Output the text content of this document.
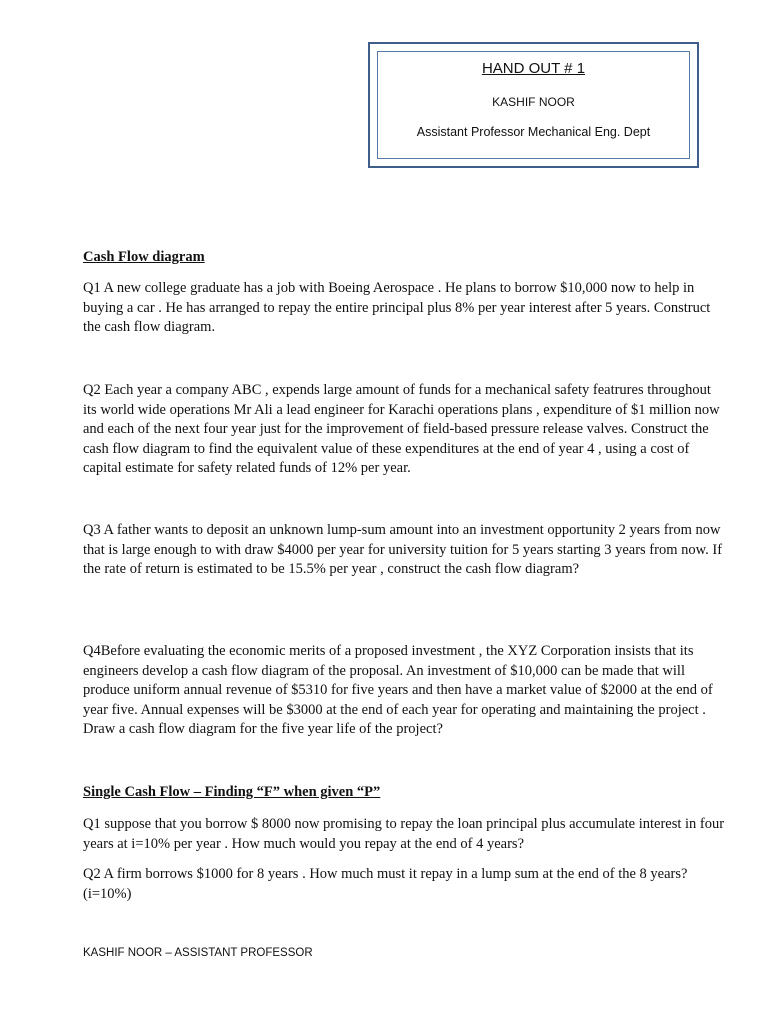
HAND OUT # 1
KASHIF NOOR
Assistant Professor Mechanical Eng. Dept
Cash Flow diagram

Q1 A new college graduate has a job with Boeing Aerospace . He plans to borrow $10,000 now to help in buying a car . He has arranged to repay the entire principal plus 8% per year interest after 5 years. Construct the cash flow diagram.

Q2 Each year a company ABC , expends large amount of funds for a mechanical safety featrures throughout its world wide operations Mr Ali a lead engineer for Karachi operations plans , expenditure of $1 million now and each of the next four year just for the improvement of field-based pressure release valves. Construct the cash flow diagram to find the equivalent value of these expenditures at the end of year 4 , using a cost of capital estimate for safety related funds of 12% per year.

Q3 A father wants to deposit an unknown lump-sum amount into an investment opportunity 2 years from now that is large enough to with draw $4000 per year for university tuition for 5 years starting 3 years from now. If the rate of return is estimated to be 15.5% per year , construct the cash flow diagram?

Q4Before evaluating the economic merits of a proposed investment , the XYZ Corporation insists that its engineers develop a cash flow diagram of the proposal. An investment of $10,000 can be made that will produce uniform annual revenue of $5310 for five years and then have a market value of $2000 at the end of year five. Annual expenses will be $3000 at the end of each year for operating and maintaining the project . Draw a cash flow diagram for the five year life of the project?

Single Cash Flow – Finding “F” when given “P”

Q1 suppose that you borrow $ 8000 now promising to repay the loan principal plus accumulate interest in four years at i=10% per year . How much would you repay at the end of 4 years?

Q2 A firm borrows $1000 for 8 years . How much must it repay in a lump sum at the end of the 8 years? (i=10%)

KASHIF NOOR – ASSISTANT PROFESSOR
